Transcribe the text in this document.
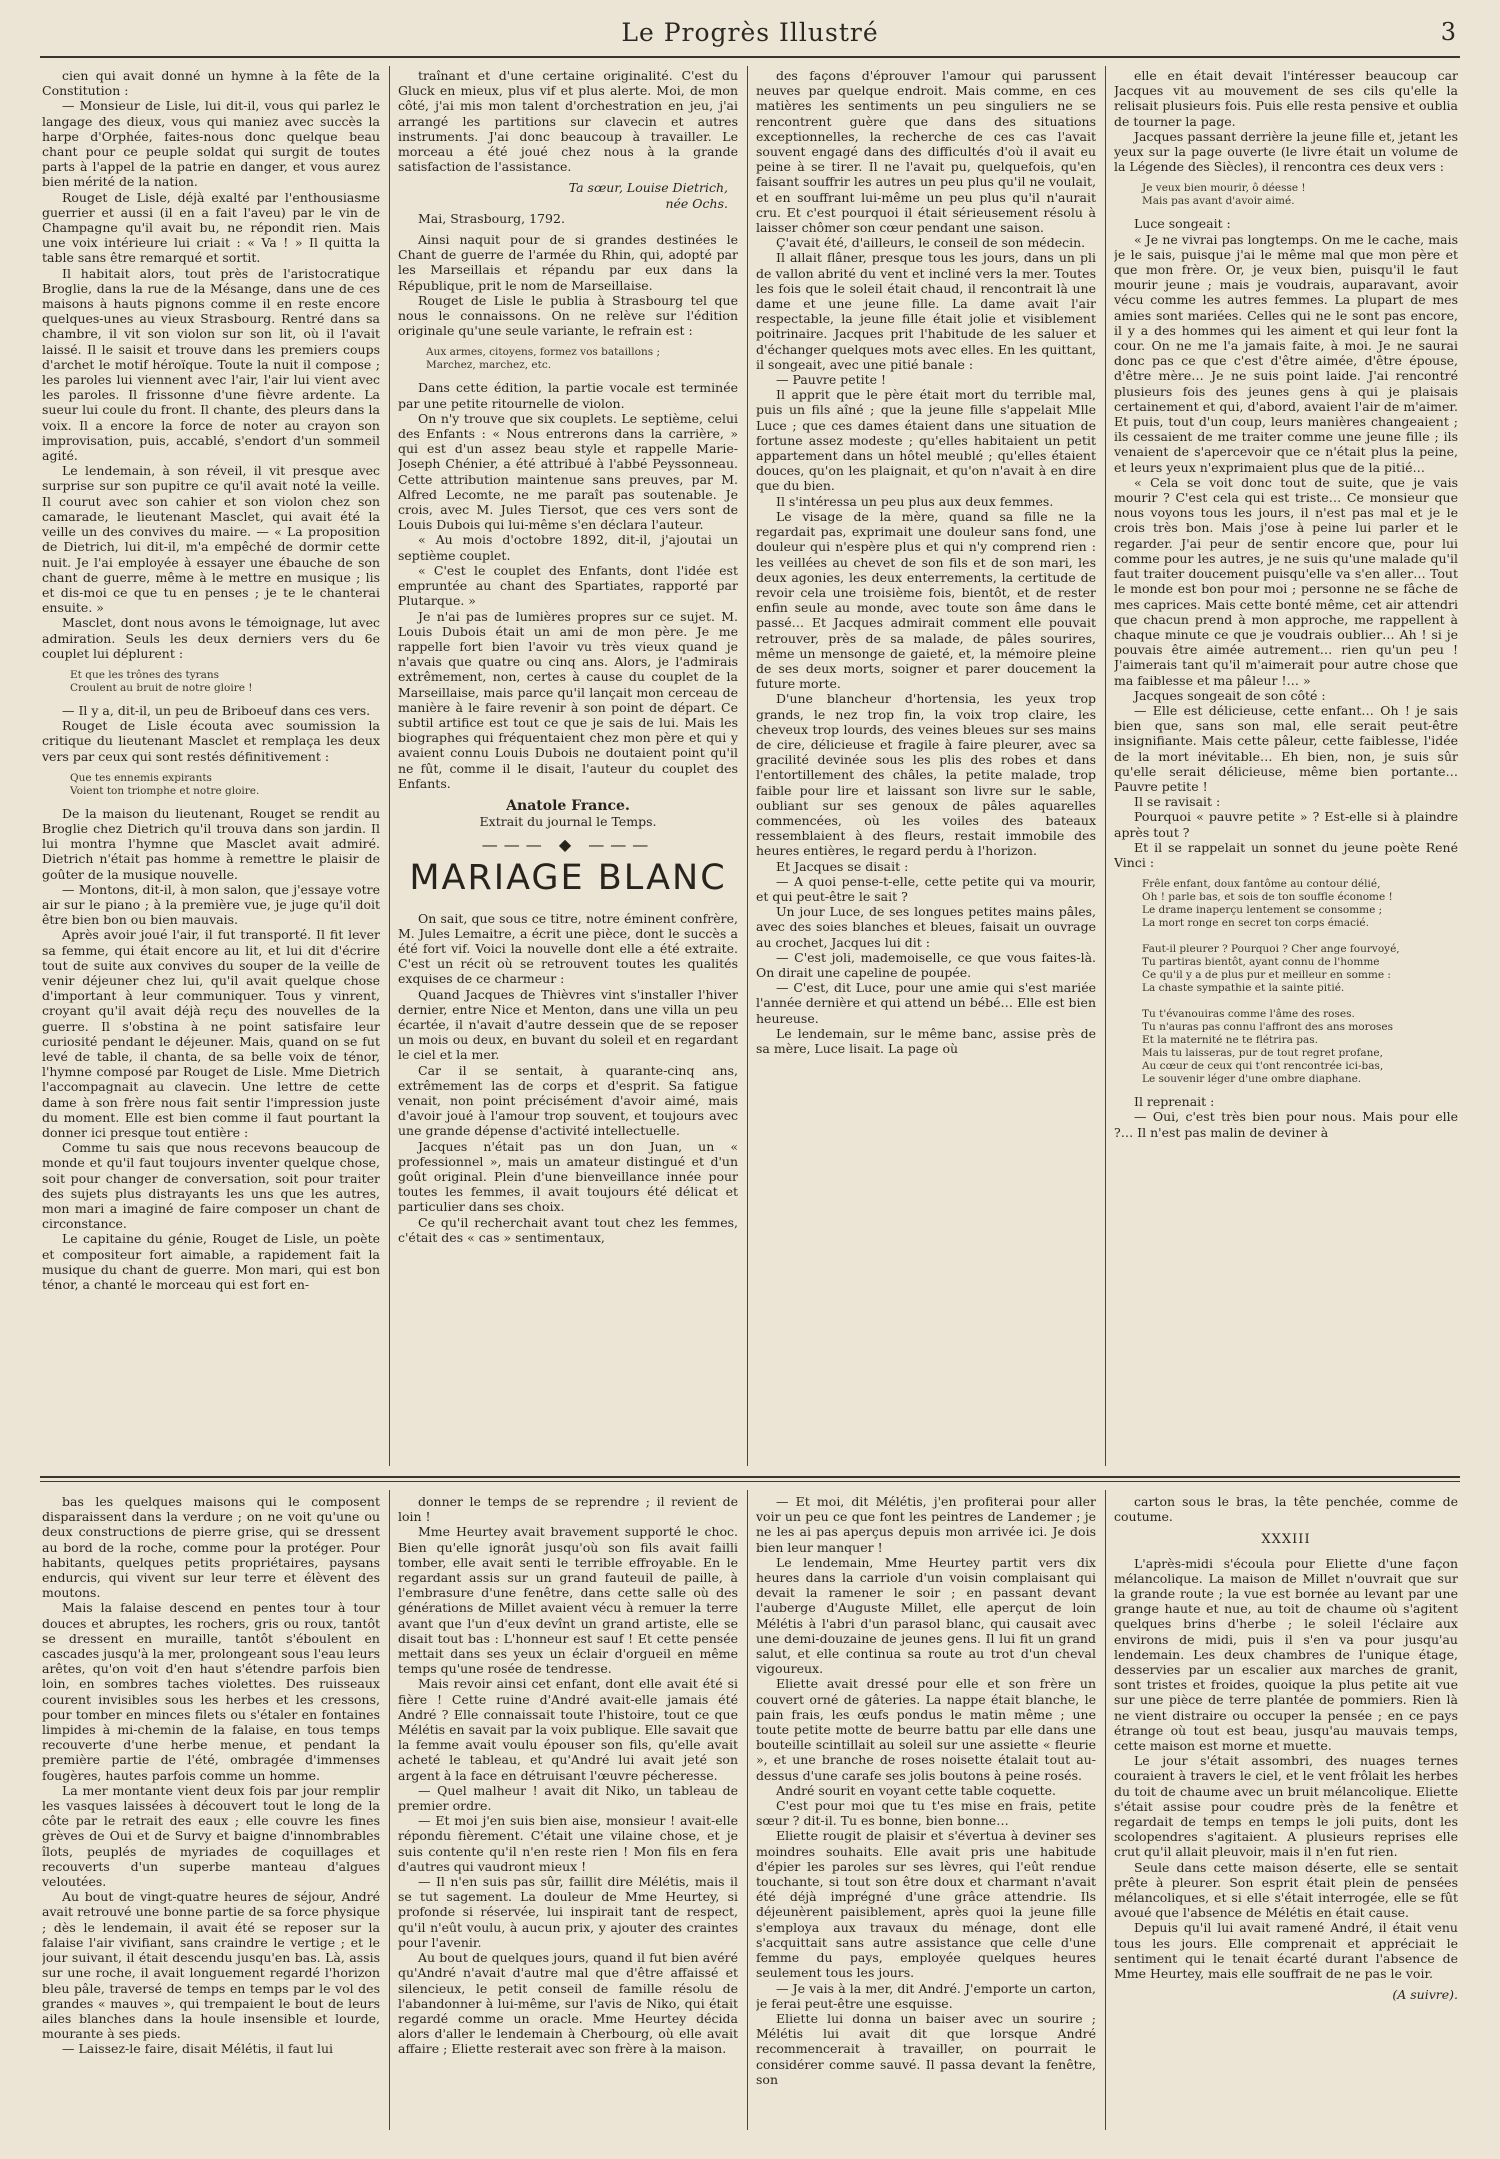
Le Progrès Illustré	3

cien qui avait donné un hymne à la fête de la Constitution :

— Monsieur de Lisle, lui dit-il, vous qui parlez le langage des dieux, vous qui maniez avec succès la harpe d'Orphée, faites-nous donc quelque beau chant pour ce peuple soldat qui surgit de toutes parts à l'appel de la patrie en danger, et vous aurez bien mérité de la nation.

Rouget de Lisle, déjà exalté par l'enthousiasme guerrier et aussi (il en a fait l'aveu) par le vin de Champagne qu'il avait bu, ne répondit rien. Mais une voix intérieure lui criait : « Va ! » Il quitta la table sans être remarqué et sortit.

Il habitait alors, tout près de l'aristocratique Broglie, dans la rue de la Mésange, dans une de ces maisons à hauts pignons comme il en reste encore quelques-unes au vieux Strasbourg. Rentré dans sa chambre, il vit son violon sur son lit, où il l'avait laissé. Il le saisit et trouve dans les premiers coups d'archet le motif héroïque. Toute la nuit il compose ; les paroles lui viennent avec l'air, l'air lui vient avec les paroles. Il frissonne d'une fièvre ardente. La sueur lui coule du front. Il chante, des pleurs dans la voix. Il a encore la force de noter au crayon son improvisation, puis, accablé, s'endort d'un sommeil agité.

Le lendemain, à son réveil, il vit presque avec surprise sur son pupitre ce qu'il avait noté la veille. Il courut avec son cahier et son violon chez son camarade, le lieutenant Masclet, qui avait été la veille un des convives du maire. — « La proposition de Dietrich, lui dit-il, m'a empêché de dormir cette nuit. Je l'ai employée à essayer une ébauche de son chant de guerre, même à le mettre en musique ; lis et dis-moi ce que tu en penses ; je te le chanterai ensuite. »

Masclet, dont nous avons le témoignage, lut avec admiration. Seuls les deux derniers vers du 6e couplet lui déplurent :

Et que les trônes des tyrans
Croulent au bruit de notre gloire !

— Il y a, dit-il, un peu de Briboeuf dans ces vers.

Rouget de Lisle écouta avec soumission la critique du lieutenant Masclet et remplaça les deux vers par ceux qui sont restés définitivement :

Que tes ennemis expirants
Voient ton triomphe et notre gloire.

De la maison du lieutenant, Rouget se rendit au Broglie chez Dietrich qu'il trouva dans son jardin. Il lui montra l'hymne que Masclet avait admiré. Dietrich n'était pas homme à remettre le plaisir de goûter de la musique nouvelle.

— Montons, dit-il, à mon salon, que j'essaye votre air sur le piano ; à la première vue, je juge qu'il doit être bien bon ou bien mauvais.

Après avoir joué l'air, il fut transporté. Il fit lever sa femme, qui était encore au lit, et lui dit d'écrire tout de suite aux convives du souper de la veille de venir déjeuner chez lui, qu'il avait quelque chose d'important à leur communiquer. Tous y vinrent, croyant qu'il avait déjà reçu des nouvelles de la guerre. Il s'obstina à ne point satisfaire leur curiosité pendant le déjeuner. Mais, quand on se fut levé de table, il chanta, de sa belle voix de ténor, l'hymne composé par Rouget de Lisle. Mme Dietrich l'accompagnait au clavecin. Une lettre de cette dame à son frère nous fait sentir l'impression juste du moment. Elle est bien comme il faut pourtant la donner ici presque tout entière :

Comme tu sais que nous recevons beaucoup de monde et qu'il faut toujours inventer quelque chose, soit pour changer de conversation, soit pour traiter des sujets plus distrayants les uns que les autres, mon mari a imaginé de faire composer un chant de circonstance.

Le capitaine du génie, Rouget de Lisle, un poète et compositeur fort aimable, a rapidement fait la musique du chant de guerre. Mon mari, qui est bon ténor, a chanté le morceau qui est fort en-

traînant et d'une certaine originalité. C'est du Gluck en mieux, plus vif et plus alerte. Moi, de mon côté, j'ai mis mon talent d'orchestration en jeu, j'ai arrangé les partitions sur clavecin et autres instruments. J'ai donc beaucoup à travailler. Le morceau a été joué chez nous à la grande satisfaction de l'assistance.

Ta sœur, Louise Dietrich,
née Ochs.

Mai, Strasbourg, 1792.

Ainsi naquit pour de si grandes destinées le Chant de guerre de l'armée du Rhin, qui, adopté par les Marseillais et répandu par eux dans la République, prit le nom de Marseillaise.

Rouget de Lisle le publia à Strasbourg tel que nous le connaissons. On ne relève sur l'édition originale qu'une seule variante, le refrain est :

Aux armes, citoyens, formez vos bataillons ;
Marchez, marchez, etc.

Dans cette édition, la partie vocale est terminée par une petite ritournelle de violon.

On n'y trouve que six couplets. Le septième, celui des Enfants : « Nous entrerons dans la carrière, » qui est d'un assez beau style et rappelle Marie-Joseph Chénier, a été attribué à l'abbé Peyssonneau. Cette attribution maintenue sans preuves, par M. Alfred Lecomte, ne me paraît pas soutenable. Je crois, avec M. Jules Tiersot, que ces vers sont de Louis Dubois qui lui-même s'en déclara l'auteur.

« Au mois d'octobre 1892, dit-il, j'ajoutai un septième couplet.

« C'est le couplet des Enfants, dont l'idée est empruntée au chant des Spartiates, rapporté par Plutarque. »

Je n'ai pas de lumières propres sur ce sujet. M. Louis Dubois était un ami de mon père. Je me rappelle fort bien l'avoir vu très vieux quand je n'avais que quatre ou cinq ans. Alors, je l'admirais extrêmement, non, certes à cause du couplet de la Marseillaise, mais parce qu'il lançait mon cerceau de manière à le faire revenir à son point de départ. Ce subtil artifice est tout ce que je sais de lui. Mais les biographes qui fréquentaient chez mon père et qui y avaient connu Louis Dubois ne doutaient point qu'il ne fût, comme il le disait, l'auteur du couplet des Enfants.

Anatole France.

Extrait du journal le Temps.

——— ◆ ———
MARIAGE BLANC

On sait, que sous ce titre, notre éminent confrère, M. Jules Lemaitre, a écrit une pièce, dont le succès a été fort vif. Voici la nouvelle dont elle a été extraite. C'est un récit où se retrouvent toutes les qualités exquises de ce charmeur :

Quand Jacques de Thièvres vint s'installer l'hiver dernier, entre Nice et Menton, dans une villa un peu écartée, il n'avait d'autre dessein que de se reposer un mois ou deux, en buvant du soleil et en regardant le ciel et la mer.

Car il se sentait, à quarante-cinq ans, extrêmement las de corps et d'esprit. Sa fatigue venait, non point précisément d'avoir aimé, mais d'avoir joué à l'amour trop souvent, et toujours avec une grande dépense d'activité intellectuelle.

Jacques n'était pas un don Juan, un « professionnel », mais un amateur distingué et d'un goût original. Plein d'une bienveillance innée pour toutes les femmes, il avait toujours été délicat et particulier dans ses choix.

Ce qu'il recherchait avant tout chez les femmes, c'était des « cas » sentimentaux,

des façons d'éprouver l'amour qui parussent neuves par quelque endroit. Mais comme, en ces matières les sentiments un peu singuliers ne se rencontrent guère que dans des situations exceptionnelles, la recherche de ces cas l'avait souvent engagé dans des difficultés d'où il avait eu peine à se tirer. Il ne l'avait pu, quelquefois, qu'en faisant souffrir les autres un peu plus qu'il ne voulait, et en souffrant lui-même un peu plus qu'il n'aurait cru. Et c'est pourquoi il était sérieusement résolu à laisser chômer son cœur pendant une saison.

Ç'avait été, d'ailleurs, le conseil de son médecin.

Il allait flâner, presque tous les jours, dans un pli de vallon abrité du vent et incliné vers la mer. Toutes les fois que le soleil était chaud, il rencontrait là une dame et une jeune fille. La dame avait l'air respectable, la jeune fille était jolie et visiblement poitrinaire. Jacques prit l'habitude de les saluer et d'échanger quelques mots avec elles. En les quittant, il songeait, avec une pitié banale :

— Pauvre petite !

Il apprit que le père était mort du terrible mal, puis un fils aîné ; que la jeune fille s'appelait Mlle Luce ; que ces dames étaient dans une situation de fortune assez modeste ; qu'elles habitaient un petit appartement dans un hôtel meublé ; qu'elles étaient douces, qu'on les plaignait, et qu'on n'avait à en dire que du bien.

Il s'intéressa un peu plus aux deux femmes.

Le visage de la mère, quand sa fille ne la regardait pas, exprimait une douleur sans fond, une douleur qui n'espère plus et qui n'y comprend rien : les veillées au chevet de son fils et de son mari, les deux agonies, les deux enterrements, la certitude de revoir cela une troisième fois, bientôt, et de rester enfin seule au monde, avec toute son âme dans le passé… Et Jacques admirait comment elle pouvait retrouver, près de sa malade, de pâles sourires, même un mensonge de gaieté, et, la mémoire pleine de ses deux morts, soigner et parer doucement la future morte.

D'une blancheur d'hortensia, les yeux trop grands, le nez trop fin, la voix trop claire, les cheveux trop lourds, des veines bleues sur ses mains de cire, délicieuse et fragile à faire pleurer, avec sa gracilité devinée sous les plis des robes et dans l'entortillement des châles, la petite malade, trop faible pour lire et laissant son livre sur le sable, oubliant sur ses genoux de pâles aquarelles commencées, où les voiles des bateaux ressemblaient à des fleurs, restait immobile des heures entières, le regard perdu à l'horizon.

Et Jacques se disait :

— A quoi pense-t-elle, cette petite qui va mourir, et qui peut-être le sait ?

Un jour Luce, de ses longues petites mains pâles, avec des soies blanches et bleues, faisait un ouvrage au crochet, Jacques lui dit :

— C'est joli, mademoiselle, ce que vous faites-là. On dirait une capeline de poupée.

— C'est, dit Luce, pour une amie qui s'est mariée l'année dernière et qui attend un bébé… Elle est bien heureuse.

Le lendemain, sur le même banc, assise près de sa mère, Luce lisait. La page où

elle en était devait l'intéresser beaucoup car Jacques vit au mouvement de ses cils qu'elle la relisait plusieurs fois. Puis elle resta pensive et oublia de tourner la page.

Jacques passant derrière la jeune fille et, jetant les yeux sur la page ouverte (le livre était un volume de la Légende des Siècles), il rencontra ces deux vers :

Je veux bien mourir, ô déesse !
Mais pas avant d'avoir aimé.

Luce songeait :

« Je ne vivrai pas longtemps. On me le cache, mais je le sais, puisque j'ai le même mal que mon père et que mon frère. Or, je veux bien, puisqu'il le faut mourir jeune ; mais je voudrais, auparavant, avoir vécu comme les autres femmes. La plupart de mes amies sont mariées. Celles qui ne le sont pas encore, il y a des hommes qui les aiment et qui leur font la cour. On ne me l'a jamais faite, à moi. Je ne saurai donc pas ce que c'est d'être aimée, d'être épouse, d'être mère… Je ne suis point laide. J'ai rencontré plusieurs fois des jeunes gens à qui je plaisais certainement et qui, d'abord, avaient l'air de m'aimer. Et puis, tout d'un coup, leurs manières changeaient ; ils cessaient de me traiter comme une jeune fille ; ils venaient de s'apercevoir que ce n'était plus la peine, et leurs yeux n'exprimaient plus que de la pitié…

« Cela se voit donc tout de suite, que je vais mourir ? C'est cela qui est triste… Ce monsieur que nous voyons tous les jours, il n'est pas mal et je le crois très bon. Mais j'ose à peine lui parler et le regarder. J'ai peur de sentir encore que, pour lui comme pour les autres, je ne suis qu'une malade qu'il faut traiter doucement puisqu'elle va s'en aller… Tout le monde est bon pour moi ; personne ne se fâche de mes caprices. Mais cette bonté même, cet air attendri que chacun prend à mon approche, me rappellent à chaque minute ce que je voudrais oublier… Ah ! si je pouvais être aimée autrement… rien qu'un peu ! J'aimerais tant qu'il m'aimerait pour autre chose que ma faiblesse et ma pâleur !… »

Jacques songeait de son côté :

— Elle est délicieuse, cette enfant… Oh ! je sais bien que, sans son mal, elle serait peut-être insignifiante. Mais cette pâleur, cette faiblesse, l'idée de la mort inévitable… Eh bien, non, je suis sûr qu'elle serait délicieuse, même bien portante… Pauvre petite !

Il se ravisait :

Pourquoi « pauvre petite » ? Est-elle si à plaindre après tout ?

Et il se rappelait un sonnet du jeune poète René Vinci :

Frêle enfant, doux fantôme au contour délié,
Oh ! parle bas, et sois de ton souffle économe !
Le drame inaperçu lentement se consomme ;
La mort ronge en secret ton corps émacié.

Faut-il pleurer ? Pourquoi ? Cher ange fourvoyé,
Tu partiras bientôt, ayant connu de l'homme
Ce qu'il y a de plus pur et meilleur en somme :
La chaste sympathie et la sainte pitié.

Tu t'évanouiras comme l'âme des roses.
Tu n'auras pas connu l'affront des ans moroses
Et la maternité ne te flétrira pas.
Mais tu laisseras, pur de tout regret profane,
Au cœur de ceux qui t'ont rencontrée ici-bas,
Le souvenir léger d'une ombre diaphane.

Il reprenait :

— Oui, c'est très bien pour nous. Mais pour elle ?… Il n'est pas malin de deviner à

bas les quelques maisons qui le composent disparaissent dans la verdure ; on ne voit qu'une ou deux constructions de pierre grise, qui se dressent au bord de la roche, comme pour la protéger. Pour habitants, quelques petits propriétaires, paysans endurcis, qui vivent sur leur terre et élèvent des moutons.

Mais la falaise descend en pentes tour à tour douces et abruptes, les rochers, gris ou roux, tantôt se dressent en muraille, tantôt s'éboulent en cascades jusqu'à la mer, prolongeant sous l'eau leurs arêtes, qu'on voit d'en haut s'étendre parfois bien loin, en sombres taches violettes. Des ruisseaux courent invisibles sous les herbes et les cressons, pour tomber en minces filets ou s'étaler en fontaines limpides à mi-chemin de la falaise, en tous temps recouverte d'une herbe menue, et pendant la première partie de l'été, ombragée d'immenses fougères, hautes parfois comme un homme.

La mer montante vient deux fois par jour remplir les vasques laissées à découvert tout le long de la côte par le retrait des eaux ; elle couvre les fines grèves de Oui et de Survy et baigne d'innombrables îlots, peuplés de myriades de coquillages et recouverts d'un superbe manteau d'algues veloutées.

Au bout de vingt-quatre heures de séjour, André avait retrouvé une bonne partie de sa force physique ; dès le lendemain, il avait été se reposer sur la falaise l'air vivifiant, sans craindre le vertige ; et le jour suivant, il était descendu jusqu'en bas. Là, assis sur une roche, il avait longuement regardé l'horizon bleu pâle, traversé de temps en temps par le vol des grandes « mauves », qui trempaient le bout de leurs ailes blanches dans la houle insensible et lourde, mourante à ses pieds.

— Laissez-le faire, disait Mélétis, il faut lui

donner le temps de se reprendre ; il revient de loin !

Mme Heurtey avait bravement supporté le choc. Bien qu'elle ignorât jusqu'où son fils avait failli tomber, elle avait senti le terrible effroyable. En le regardant assis sur un grand fauteuil de paille, à l'embrasure d'une fenêtre, dans cette salle où des générations de Millet avaient vécu à remuer la terre avant que l'un d'eux devînt un grand artiste, elle se disait tout bas : L'honneur est sauf ! Et cette pensée mettait dans ses yeux un éclair d'orgueil en même temps qu'une rosée de tendresse.

Mais revoir ainsi cet enfant, dont elle avait été si fière ! Cette ruine d'André avait-elle jamais été André ? Elle connaissait toute l'histoire, tout ce que Mélétis en savait par la voix publique. Elle savait que la femme avait voulu épouser son fils, qu'elle avait acheté le tableau, et qu'André lui avait jeté son argent à la face en détruisant l'œuvre pécheresse.

— Quel malheur ! avait dit Niko, un tableau de premier ordre.

— Et moi j'en suis bien aise, monsieur ! avait-elle répondu fièrement. C'était une vilaine chose, et je suis contente qu'il n'en reste rien ! Mon fils en fera d'autres qui vaudront mieux !

— Il n'en suis pas sûr, faillit dire Mélétis, mais il se tut sagement. La douleur de Mme Heurtey, si profonde si réservée, lui inspirait tant de respect, qu'il n'eût voulu, à aucun prix, y ajouter des craintes pour l'avenir.

Au bout de quelques jours, quand il fut bien avéré qu'André n'avait d'autre mal que d'être affaissé et silencieux, le petit conseil de famille résolu de l'abandonner à lui-même, sur l'avis de Niko, qui était regardé comme un oracle. Mme Heurtey décida alors d'aller le lendemain à Cherbourg, où elle avait affaire ; Eliette resterait avec son frère à la maison.

— Et moi, dit Mélétis, j'en profiterai pour aller voir un peu ce que font les peintres de Landemer ; je ne les ai pas aperçus depuis mon arrivée ici. Je dois bien leur manquer !

Le lendemain, Mme Heurtey partit vers dix heures dans la carriole d'un voisin complaisant qui devait la ramener le soir ; en passant devant l'auberge d'Auguste Millet, elle aperçut de loin Mélétis à l'abri d'un parasol blanc, qui causait avec une demi-douzaine de jeunes gens. Il lui fit un grand salut, et elle continua sa route au trot d'un cheval vigoureux.

Eliette avait dressé pour elle et son frère un couvert orné de gâteries. La nappe était blanche, le pain frais, les œufs pondus le matin même ; une toute petite motte de beurre battu par elle dans une bouteille scintillait au soleil sur une assiette « fleurie », et une branche de roses noisette étalait tout au-dessus d'une carafe ses jolis boutons à peine rosés.

André sourit en voyant cette table coquette.

C'est pour moi que tu t'es mise en frais, petite sœur ? dit-il. Tu es bonne, bien bonne…

Eliette rougit de plaisir et s'évertua à deviner ses moindres souhaits. Elle avait pris une habitude d'épier les paroles sur ses lèvres, qui l'eût rendue touchante, si tout son être doux et charmant n'avait été déjà imprégné d'une grâce attendrie. Ils déjeunèrent paisiblement, après quoi la jeune fille s'employa aux travaux du ménage, dont elle s'acquittait sans autre assistance que celle d'une femme du pays, employée quelques heures seulement tous les jours.

— Je vais à la mer, dit André. J'emporte un carton, je ferai peut-être une esquisse.

Eliette lui donna un baiser avec un sourire ; Mélétis lui avait dit que lorsque André recommencerait à travailler, on pourrait le considérer comme sauvé. Il passa devant la fenêtre, son

carton sous le bras, la tête penchée, comme de coutume.

XXXIII

L'après-midi s'écoula pour Eliette d'une façon mélancolique. La maison de Millet n'ouvrait que sur la grande route ; la vue est bornée au levant par une grange haute et nue, au toit de chaume où s'agitent quelques brins d'herbe ; le soleil l'éclaire aux environs de midi, puis il s'en va pour jusqu'au lendemain. Les deux chambres de l'unique étage, desservies par un escalier aux marches de granit, sont tristes et froides, quoique la plus petite ait vue sur une pièce de terre plantée de pommiers. Rien là ne vient distraire ou occuper la pensée ; en ce pays étrange où tout est beau, jusqu'au mauvais temps, cette maison est morne et muette.

Le jour s'était assombri, des nuages ternes couraient à travers le ciel, et le vent frôlait les herbes du toit de chaume avec un bruit mélancolique. Eliette s'était assise pour coudre près de la fenêtre et regardait de temps en temps le joli puits, dont les scolopendres s'agitaient. A plusieurs reprises elle crut qu'il allait pleuvoir, mais il n'en fut rien.

Seule dans cette maison déserte, elle se sentait prête à pleurer. Son esprit était plein de pensées mélancoliques, et si elle s'était interrogée, elle se fût avoué que l'absence de Mélétis en était cause.

Depuis qu'il lui avait ramené André, il était venu tous les jours. Elle comprenait et appréciait le sentiment qui le tenait écarté durant l'absence de Mme Heurtey, mais elle souffrait de ne pas le voir.

(A suivre).
